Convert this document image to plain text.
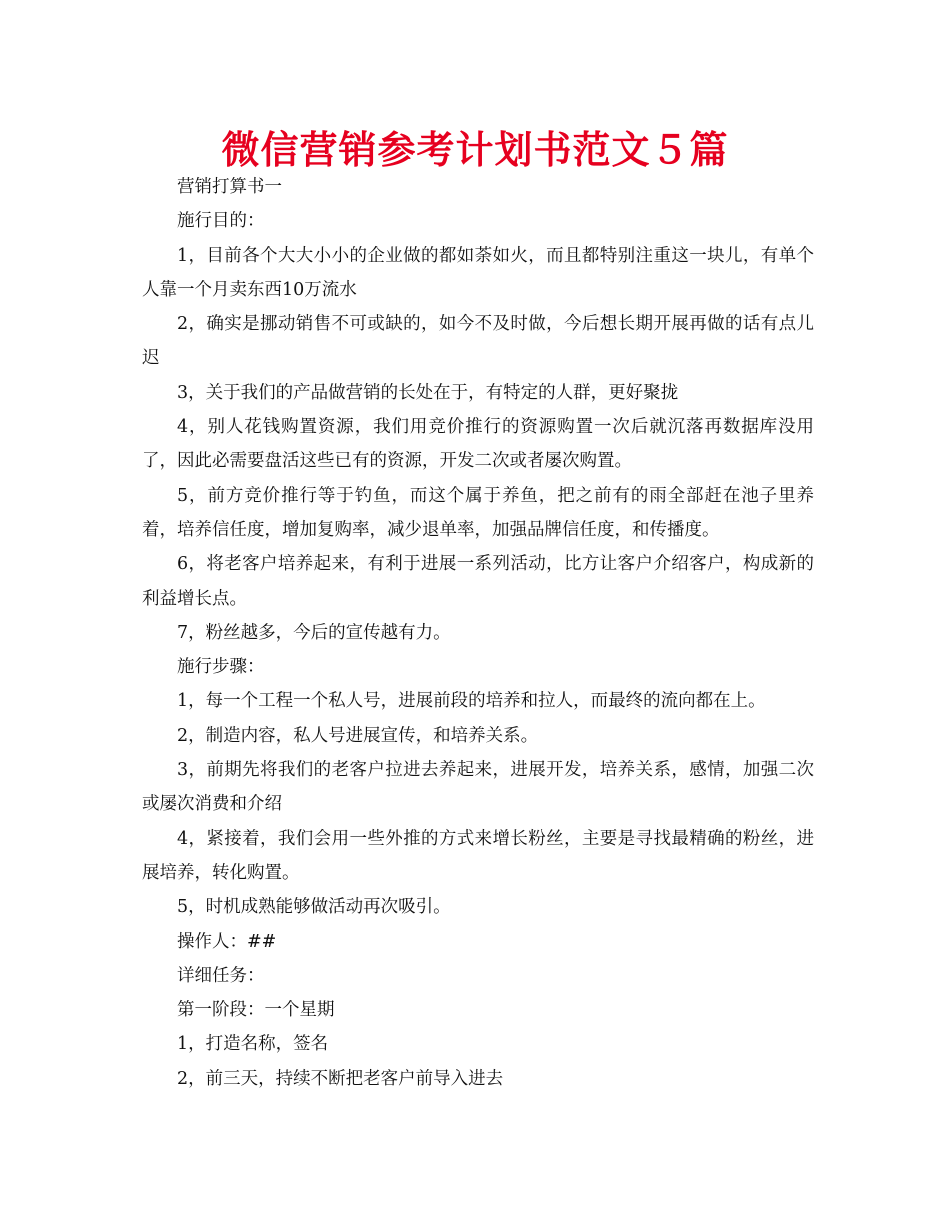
微信营销参考计划书范文５篇

营销打算书一

施行目的：

1，目前各个大大小小的企业做的都如荼如火，而且都特别注重这一块儿，有单个人靠一个月卖东西10万流水

2，确实是挪动销售不可或缺的，如今不及时做，今后想长期开展再做的话有点儿迟

3，关于我们的产品做营销的长处在于，有特定的人群，更好聚拢

4，别人花钱购置资源，我们用竞价推行的资源购置一次后就沉落再数据库没用了，因此必需要盘活这些已有的资源，开发二次或者屡次购置。

5，前方竞价推行等于钓鱼，而这个属于养鱼，把之前有的雨全部赶在池子里养着，培养信任度，增加复购率，减少退单率，加强品牌信任度，和传播度。

6，将老客户培养起来，有利于进展一系列活动，比方让客户介绍客户，构成新的利益增长点。

7，粉丝越多，今后的宣传越有力。

施行步骤：

1，每一个工程一个私人号，进展前段的培养和拉人，而最终的流向都在上。

2，制造内容，私人号进展宣传，和培养关系。

3，前期先将我们的老客户拉进去养起来，进展开发，培养关系，感情，加强二次或屡次消费和介绍

4，紧接着，我们会用一些外推的方式来增长粉丝，主要是寻找最精确的粉丝，进展培养，转化购置。

5，时机成熟能够做活动再次吸引。

操作人：##

详细任务：

第一阶段：一个星期

1，打造名称，签名

2，前三天，持续不断把老客户前导入进去
